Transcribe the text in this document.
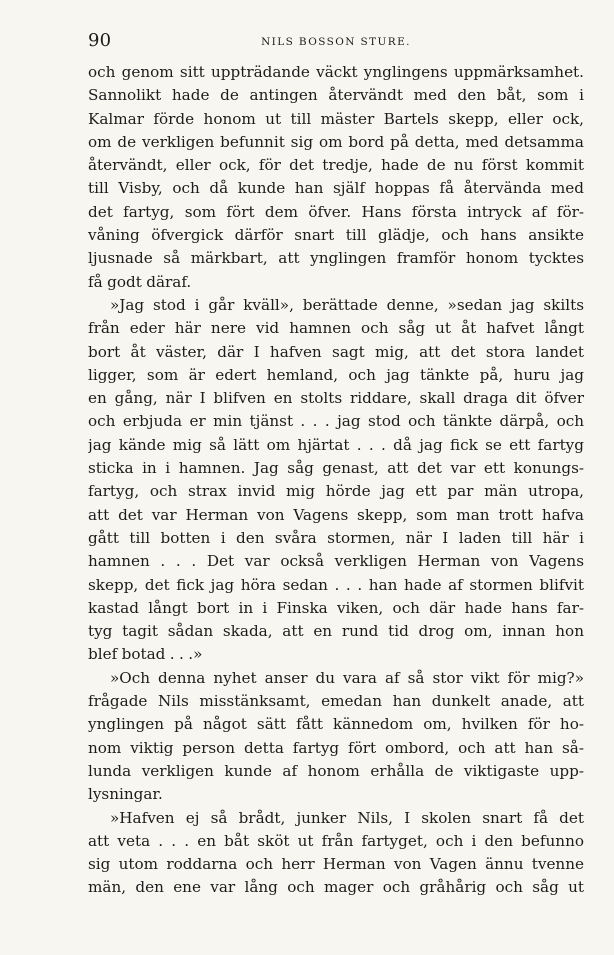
90	NILS BOSSON STURE.
och genom sitt uppträdande väckt ynglingens uppmärksamhet.
Sannolikt hade de antingen återvändt med den båt, som i
Kalmar förde honom ut till mäster Bartels skepp, eller ock,
om de verkligen befunnit sig om bord på detta, med detsamma
återvändt, eller ock, för det tredje, hade de nu först kommit
till Visby, och då kunde han själf hoppas få återvända med
det fartyg, som fört dem öfver. Hans första intryck af för-
våning öfvergick därför snart till glädje, och hans ansikte
ljusnade så märkbart, att ynglingen framför honom tycktes
få godt däraf.
»Jag stod i går kväll», berättade denne, »sedan jag skilts
från eder här nere vid hamnen och såg ut åt hafvet långt
bort åt väster, där I hafven sagt mig, att det stora landet
ligger, som är edert hemland, och jag tänkte på, huru jag
en gång, när I blifven en stolts riddare, skall draga dit öfver
och erbjuda er min tjänst . . . jag stod och tänkte därpå, och
jag kände mig så lätt om hjärtat . . . då jag fick se ett fartyg
sticka in i hamnen. Jag såg genast, att det var ett konungs-
fartyg, och strax invid mig hörde jag ett par män utropa,
att det var Herman von Vagens skepp, som man trott hafva
gått till botten i den svåra stormen, när I laden till här i
hamnen . . . Det var också verkligen Herman von Vagens
skepp, det fick jag höra sedan . . . han hade af stormen blifvit
kastad långt bort in i Finska viken, och där hade hans far-
tyg tagit sådan skada, att en rund tid drog om, innan hon
blef botad . . .»
»Och denna nyhet anser du vara af så stor vikt för mig?»
frågade Nils misstänksamt, emedan han dunkelt anade, att
ynglingen på något sätt fått kännedom om, hvilken för ho-
nom viktig person detta fartyg fört ombord, och att han så-
lunda verkligen kunde af honom erhålla de viktigaste upp-
lysningar.
»Hafven ej så brådt, junker Nils, I skolen snart få det
att veta . . . en båt sköt ut från fartyget, och i den befunno
sig utom roddarna och herr Herman von Vagen ännu tvenne
män, den ene var lång och mager och gråhårig och såg ut
